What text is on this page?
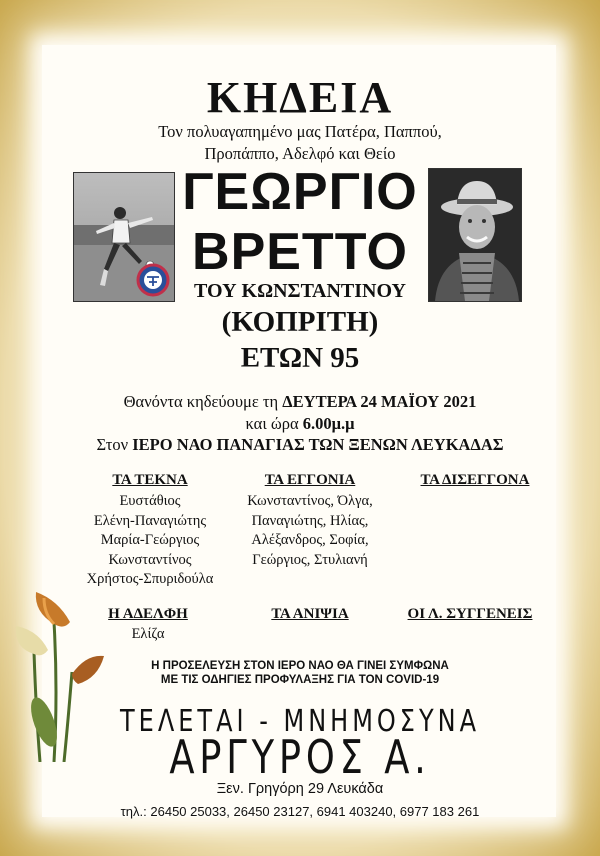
ΚΗΔΕΙΑ
Τον πολυαγαπημένο μας Πατέρα, Παππού,
Προπάππο, Αδελφό και Θείο
ΓΕΩΡΓΙΟ
ΒΡΕΤΤΟ
ΤΟΥ ΚΩΝΣΤΑΝΤΙΝΟΥ
(ΚΟΠΡΙΤΗ)
ΕΤΩΝ 95
Θανόντα κηδεύουμε τη ΔΕΥΤΕΡΑ 24 ΜΑΪΟΥ 2021
και ώρα 6.00μ.μ
Στον ΙΕΡΟ ΝΑΟ ΠΑΝΑΓΙΑΣ ΤΩΝ ΞΕΝΩΝ ΛΕΥΚΑΔΑΣ
ΤΑ ΤΕΚΝΑ
Ευστάθιος
Ελένη-Παναγιώτης
Μαρία-Γεώργιος
Κωνσταντίνος
Χρήστος-Σπυριδούλα
ΤΑ ΕΓΓΟΝΙΑ
Κωνσταντίνος, Όλγα,
Παναγιώτης, Ηλίας,
Αλέξανδρος, Σοφία,
Γεώργιος, Στυλιανή
ΤΑ ΔΙΣΕΓΓΟΝΑ
Η ΑΔΕΛΦΗ
Ελίζα
ΤΑ ΑΝΙΨΙΑ	ΟΙ Λ. ΣΥΓΓΕΝΕΙΣ
Η ΠΡΟΣΕΛΕΥΣΗ ΣΤΟΝ ΙΕΡΟ ΝΑΟ ΘΑ ΓΙΝΕΙ ΣΥΜΦΩΝΑ
ΜΕ ΤΙΣ ΟΔΗΓΙΕΣ ΠΡΟΦΥΛΑΞΗΣ ΓΙΑ ΤΟΝ COVID-19
ΤΕΛΕΤΑΙ - ΜΝΗΜΟΣΥΝΑ
ΑΡΓΥΡΟΣ Α.
Ξεν. Γρηγόρη 29 Λευκάδα
τηλ.: 26450 25033, 26450 23127, 6941 403240, 6977 183 261
